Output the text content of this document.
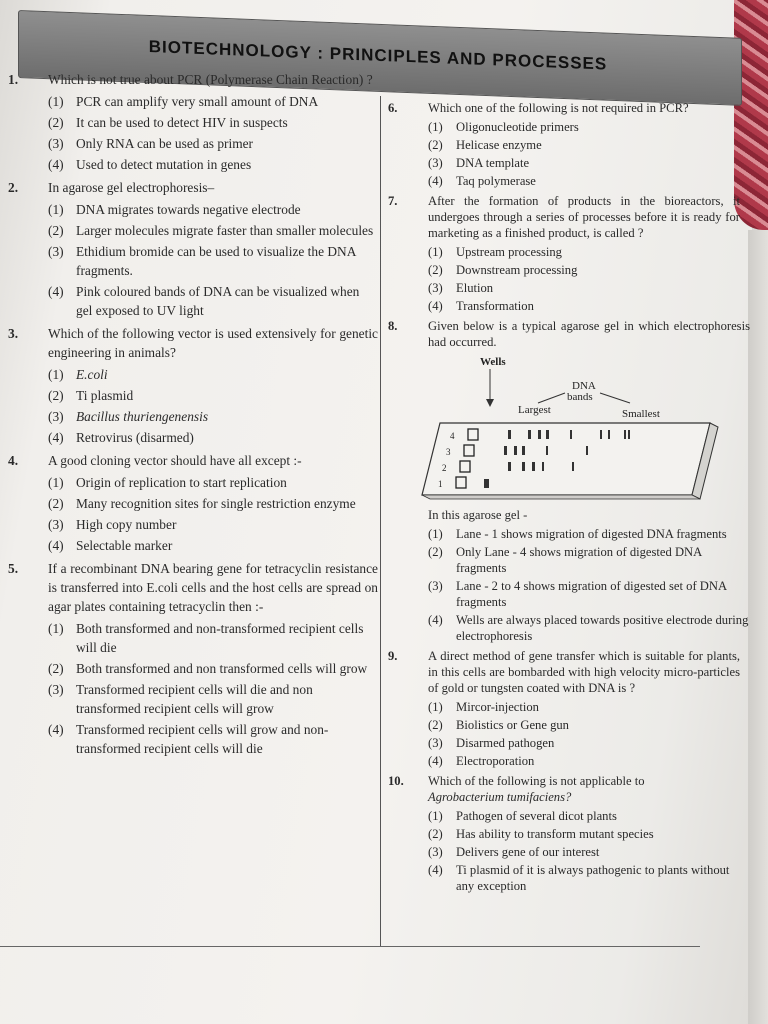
BIOTECHNOLOGY : PRINCIPLES AND PROCESSES
1.	Which is not true about PCR (Polymerase Chain Reaction) ?
(1) PCR can amplify very small amount of DNA
(2) It can be used to detect HIV in suspects
(3) Only RNA can be used as primer
(4) Used to detect mutation in genes
2.	In agarose gel electrophoresis–
(1) DNA migrates towards negative electrode
(2) Larger molecules migrate faster than smaller molecules
(3) Ethidium bromide can be used to visualize the DNA fragments.
(4) Pink coloured bands of DNA can be visualized when gel exposed to UV light
3.	Which of the following vector is used extensively for genetic engineering in animals?
(1) E.coli
(2) Ti plasmid
(3) Bacillus thuriengenensis
(4) Retrovirus (disarmed)
4.	A good cloning vector should have all except :-
(1) Origin of replication to start replication
(2) Many recognition sites for single restriction enzyme
(3) High copy number
(4) Selectable marker
5.	If a recombinant DNA bearing gene for tetracyclin resistance is transferred into E.coli cells and the host cells are spread on agar plates containing tetracyclin then :-
(1) Both transformed and non-transformed recipient cells will die
(2) Both transformed and non transformed cells will grow
(3) Transformed recipient cells will die and non transformed recipient cells will grow
(4) Transformed recipient cells will grow and non-transformed recipient cells will die
6.	Which one of the following is not required in PCR?
(1)	Oligonucleotide primers
(2)	Helicase enzyme
(3)	DNA template
(4)	Taq polymerase
7.	After the formation of products in the bioreactors, it undergoes through a series of processes before it is ready for marketing as a finished product, is called ?
(1)	Upstream processing
(2)	Downstream processing
(3)	Elution
(4)	Transformation
8.	Given below is a typical agarose gel in which electrophoresis had occurred.
Wells
DNA
bands
Largest	Smallest
4
3
2
1
In this agarose gel -
(1)	Lane - 1 shows migration of digested DNA fragments
(2)	Only Lane - 4 shows migration of digested DNA fragments
(3)	Lane - 2 to 4 shows migration of digested set of DNA fragments
(4)	Wells are always placed towards positive electrode during electrophoresis
9.	A direct method of gene transfer which is suitable for plants, in this cells are bombarded with high velocity micro-particles of gold or tungsten coated with DNA is ?
(1)	Mircor-injection
(2)	Biolistics or Gene gun
(3)	Disarmed pathogen
(4)	Electroporation
10.	Which of the following is not applicable to
Agrobacterium tumifaciens?
(1)	Pathogen of several dicot plants
(2)	Has ability to transform mutant species
(3)	Delivers gene of our interest
(4)	Ti plasmid of it is always pathogenic to plants without any exception
